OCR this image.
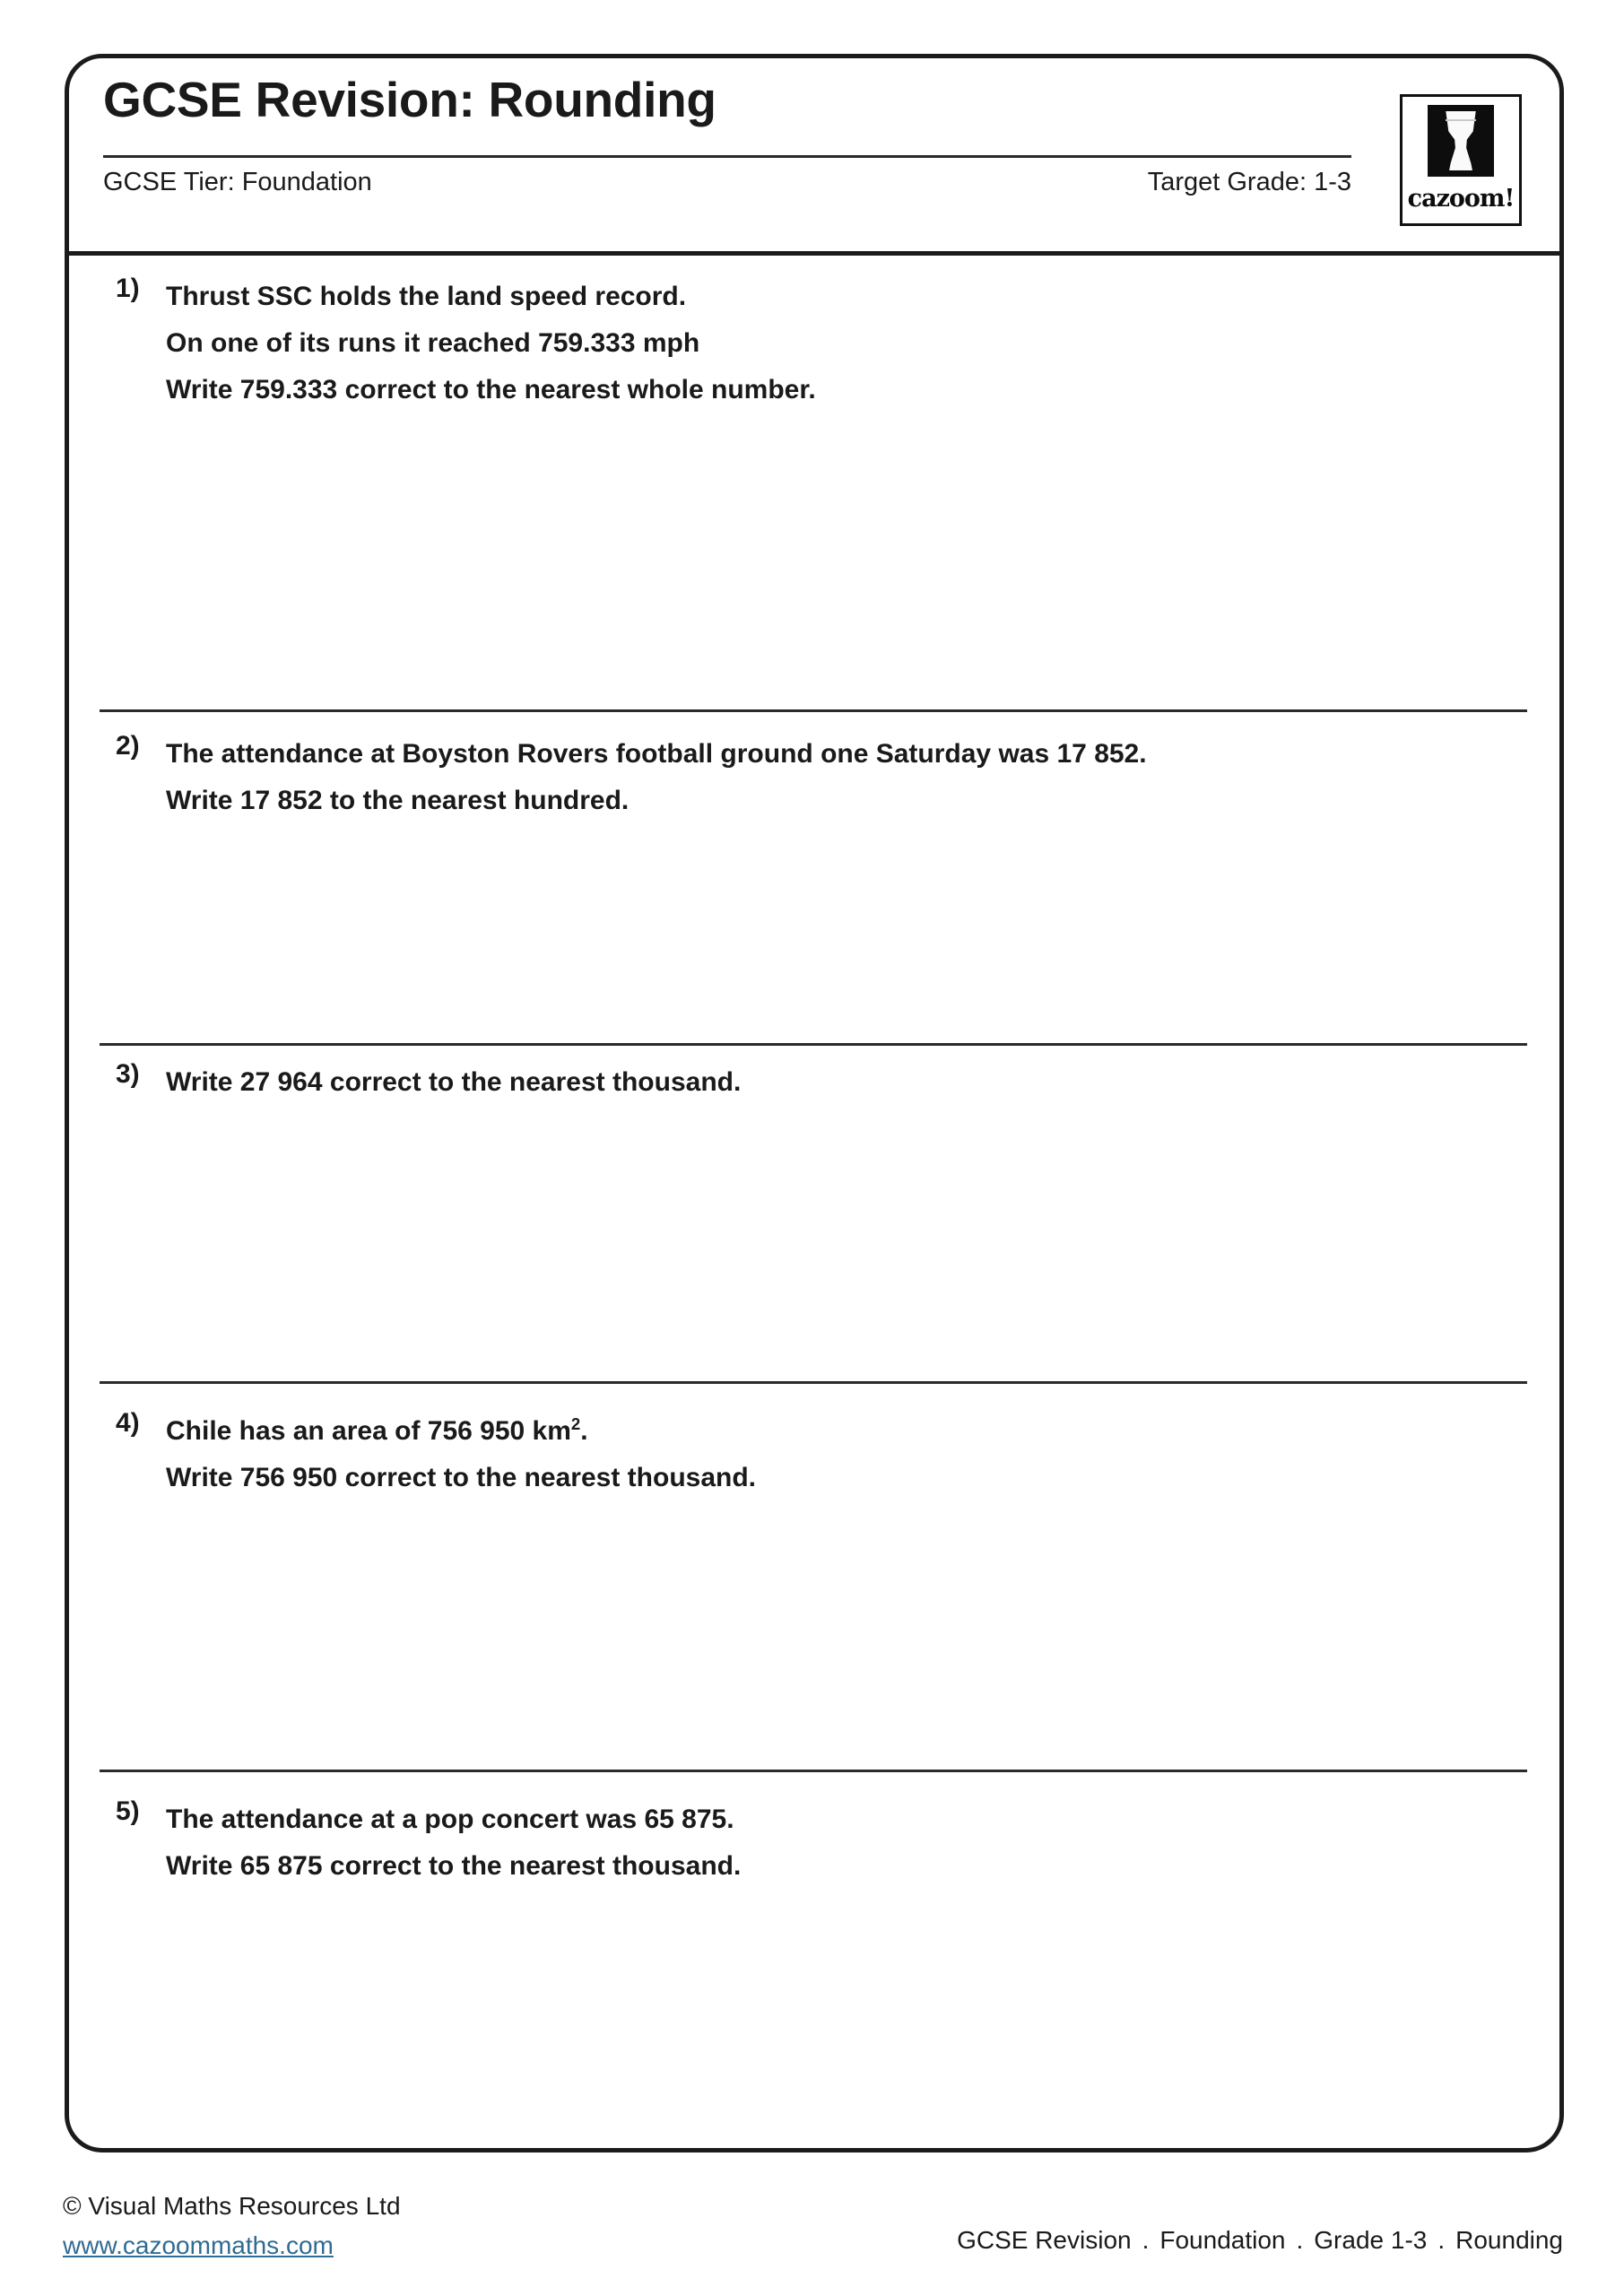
GCSE Revision: Rounding
GCSE Tier: Foundation	Target Grade: 1-3
cazoom!
1) Thrust SSC holds the land speed record.
On one of its runs it reached 759.333 mph
Write 759.333 correct to the nearest whole number.
2) The attendance at Boyston Rovers football ground one Saturday was 17 852.
Write 17 852 to the nearest hundred.
3) Write 27 964 correct to the nearest thousand.
4) Chile has an area of 756 950 $km^2$.
Write 756 950 correct to the nearest thousand.
5) The attendance at a pop concert was 65 875.
Write 65 875 correct to the nearest thousand.
© Visual Maths Resources Ltd
www.cazoommaths.com	GCSE Revision . Foundation . Grade 1-3 . Rounding
